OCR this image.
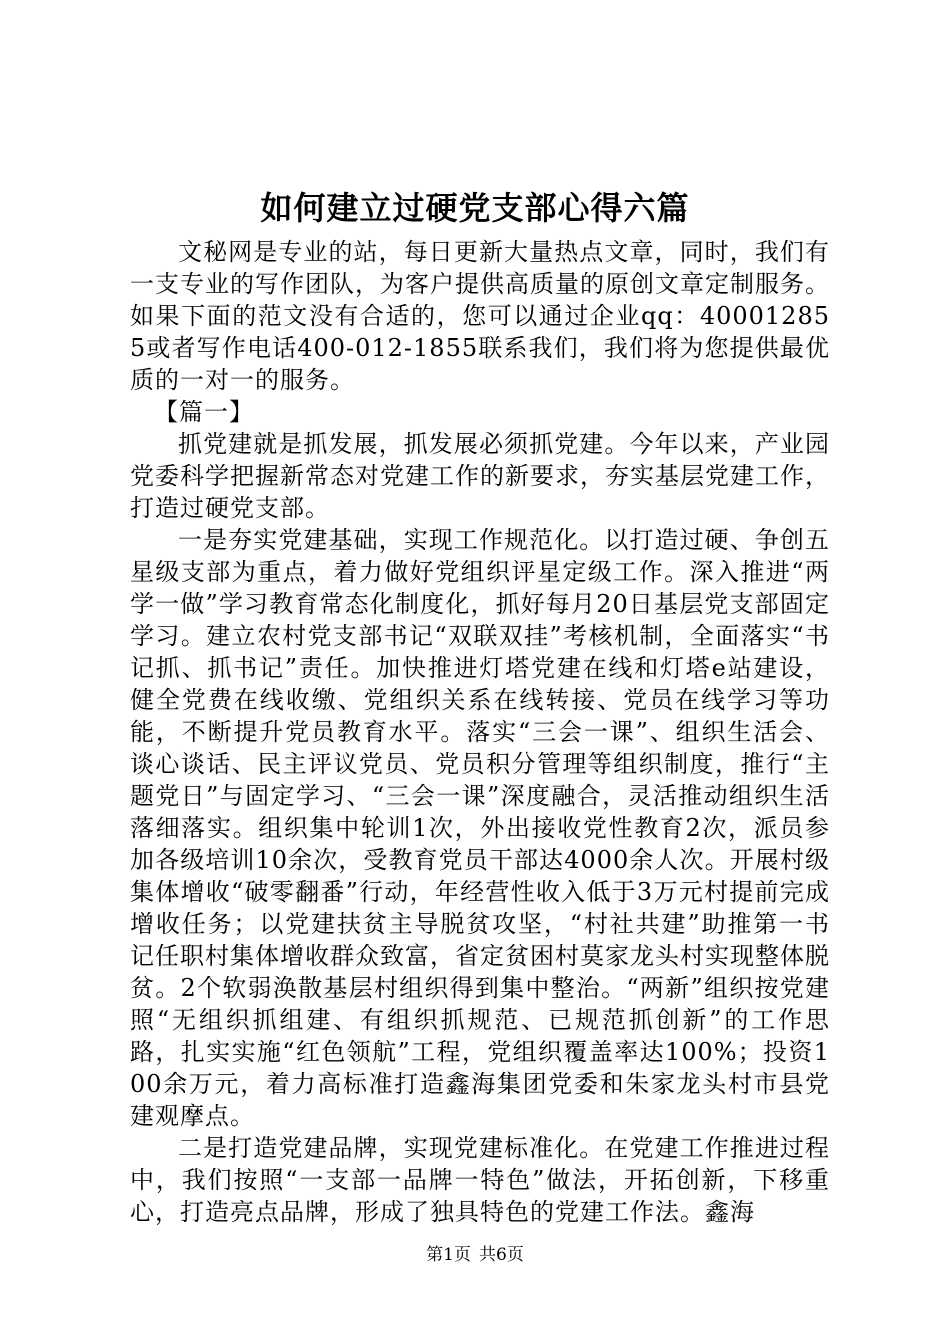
如何建立过硬党支部心得六篇

文秘网是专业的站，每日更新大量热点文章，同时，我们有一支专业的写作团队，为客户提供高质量的原创文章定制服务。如果下面的范文没有合适的，您可以通过企业qq：400012855或者写作电话400-012-1855联系我们，我们将为您提供最优质的一对一的服务。

【篇一】

抓党建就是抓发展，抓发展必须抓党建。今年以来，产业园党委科学把握新常态对党建工作的新要求，夯实基层党建工作，打造过硬党支部。

一是夯实党建基础，实现工作规范化。以打造过硬、争创五星级支部为重点，着力做好党组织评星定级工作。深入推进“两学一做”学习教育常态化制度化，抓好每月20日基层党支部固定学习。建立农村党支部书记“双联双挂”考核机制，全面落实“书记抓、抓书记”责任。加快推进灯塔党建在线和灯塔e站建设，健全党费在线收缴、党组织关系在线转接、党员在线学习等功能，不断提升党员教育水平。落实“三会一课”、组织生活会、谈心谈话、民主评议党员、党员积分管理等组织制度，推行“主题党日”与固定学习、“三会一课”深度融合，灵活推动组织生活落细落实。组织集中轮训1次，外出接收党性教育2次，派员参加各级培训10余次，受教育党员干部达4000余人次。开展村级集体增收“破零翻番”行动，年经营性收入低于3万元村提前完成增收任务；以党建扶贫主导脱贫攻坚，“村社共建”助推第一书记任职村集体增收群众致富，省定贫困村莫家龙头村实现整体脱贫。2个软弱涣散基层村组织得到集中整治。“两新”组织按党建照“无组织抓组建、有组织抓规范、已规范抓创新”的工作思路，扎实实施“红色领航”工程，党组织覆盖率达100%；投资100余万元，着力高标准打造鑫海集团党委和朱家龙头村市县党建观摩点。

二是打造党建品牌，实现党建标准化。在党建工作推进过程中，我们按照“一支部一品牌一特色”做法，开拓创新，下移重心，打造亮点品牌，形成了独具特色的党建工作法。鑫海

第1页 共6页
